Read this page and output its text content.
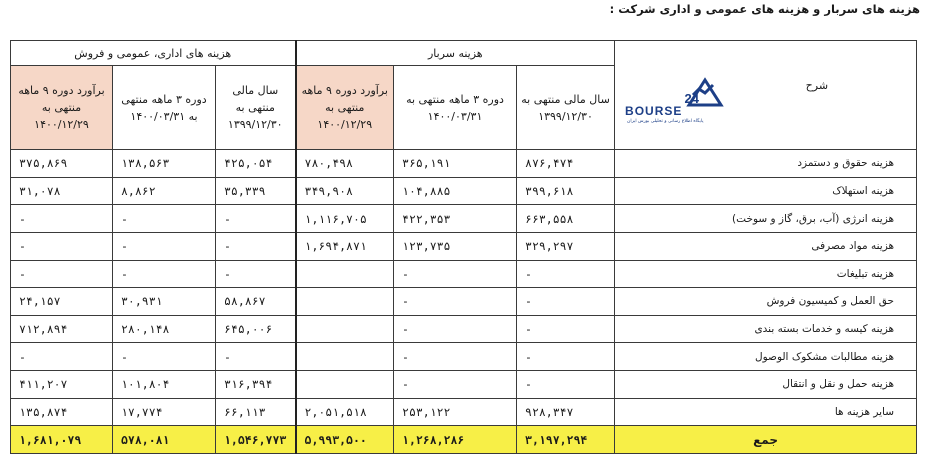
هزینه های سربار و هزینه های عمومی و اداری شرکت :
هزینه های اداری، عمومی و فروش			هزینه سربار			24
BOURSE
پایگاه اطلاع رسانی و تحلیلی بورس ایران
شرح

برآورد دوره ۹ ماهه منتهی به ۱۴۰۰/۱۲/۲۹	دوره ۳ ماهه منتهی به ۱۴۰۰/۰۳/۳۱	سال مالی منتهی به ۱۳۹۹/۱۲/۳۰	برآورد دوره ۹ ماهه منتهی به ۱۴۰۰/۱۲/۲۹	دوره ۳ ماهه منتهی به ۱۴۰۰/۰۳/۳۱	سال مالی منتهی به ۱۳۹۹/۱۲/۳۰	
۳۷۵,۸۶۹	۱۳۸,۵۶۳	۴۲۵,۰۵۴	۷۸۰,۴۹۸	۳۶۵,۱۹۱	۸۷۶,۴۷۴	هزینه حقوق و دستمزد
۳۱,۰۷۸	۸,۸۶۲	۳۵,۳۳۹	۳۴۹,۹۰۸	۱۰۴,۸۸۵	۳۹۹,۶۱۸	هزینه استهلاک
-	-	-	۱,۱۱۶,۷۰۵	۴۲۲,۳۵۳	۶۶۳,۵۵۸	هزینه انرژی (آب، برق، گاز و سوخت)
-	-	-	۱,۶۹۴,۸۷۱	۱۲۳,۷۳۵	۳۲۹,۲۹۷	هزینه مواد مصرفی
-	-	-		-	-	هزینه تبلیغات
۲۴,۱۵۷	۳۰,۹۳۱	۵۸,۸۶۷		-	-	حق العمل و کمیسیون فروش
۷۱۲,۸۹۴	۲۸۰,۱۴۸	۶۴۵,۰۰۶		-	-	هزینه کیسه و خدمات بسته بندی
-	-	-		-	-	هزینه مطالبات مشکوک الوصول
۴۱۱,۲۰۷	۱۰۱,۸۰۴	۳۱۶,۳۹۴		-	-	هزینه حمل و نقل و انتقال
۱۳۵,۸۷۴	۱۷,۷۷۴	۶۶,۱۱۳	۲,۰۵۱,۵۱۸	۲۵۳,۱۲۲	۹۲۸,۳۴۷	سایر هزینه ها
۱,۶۸۱,۰۷۹	۵۷۸,۰۸۱	۱,۵۴۶,۷۷۳	۵,۹۹۳,۵۰۰	۱,۲۶۸,۲۸۶	۳,۱۹۷,۲۹۴	جمع
